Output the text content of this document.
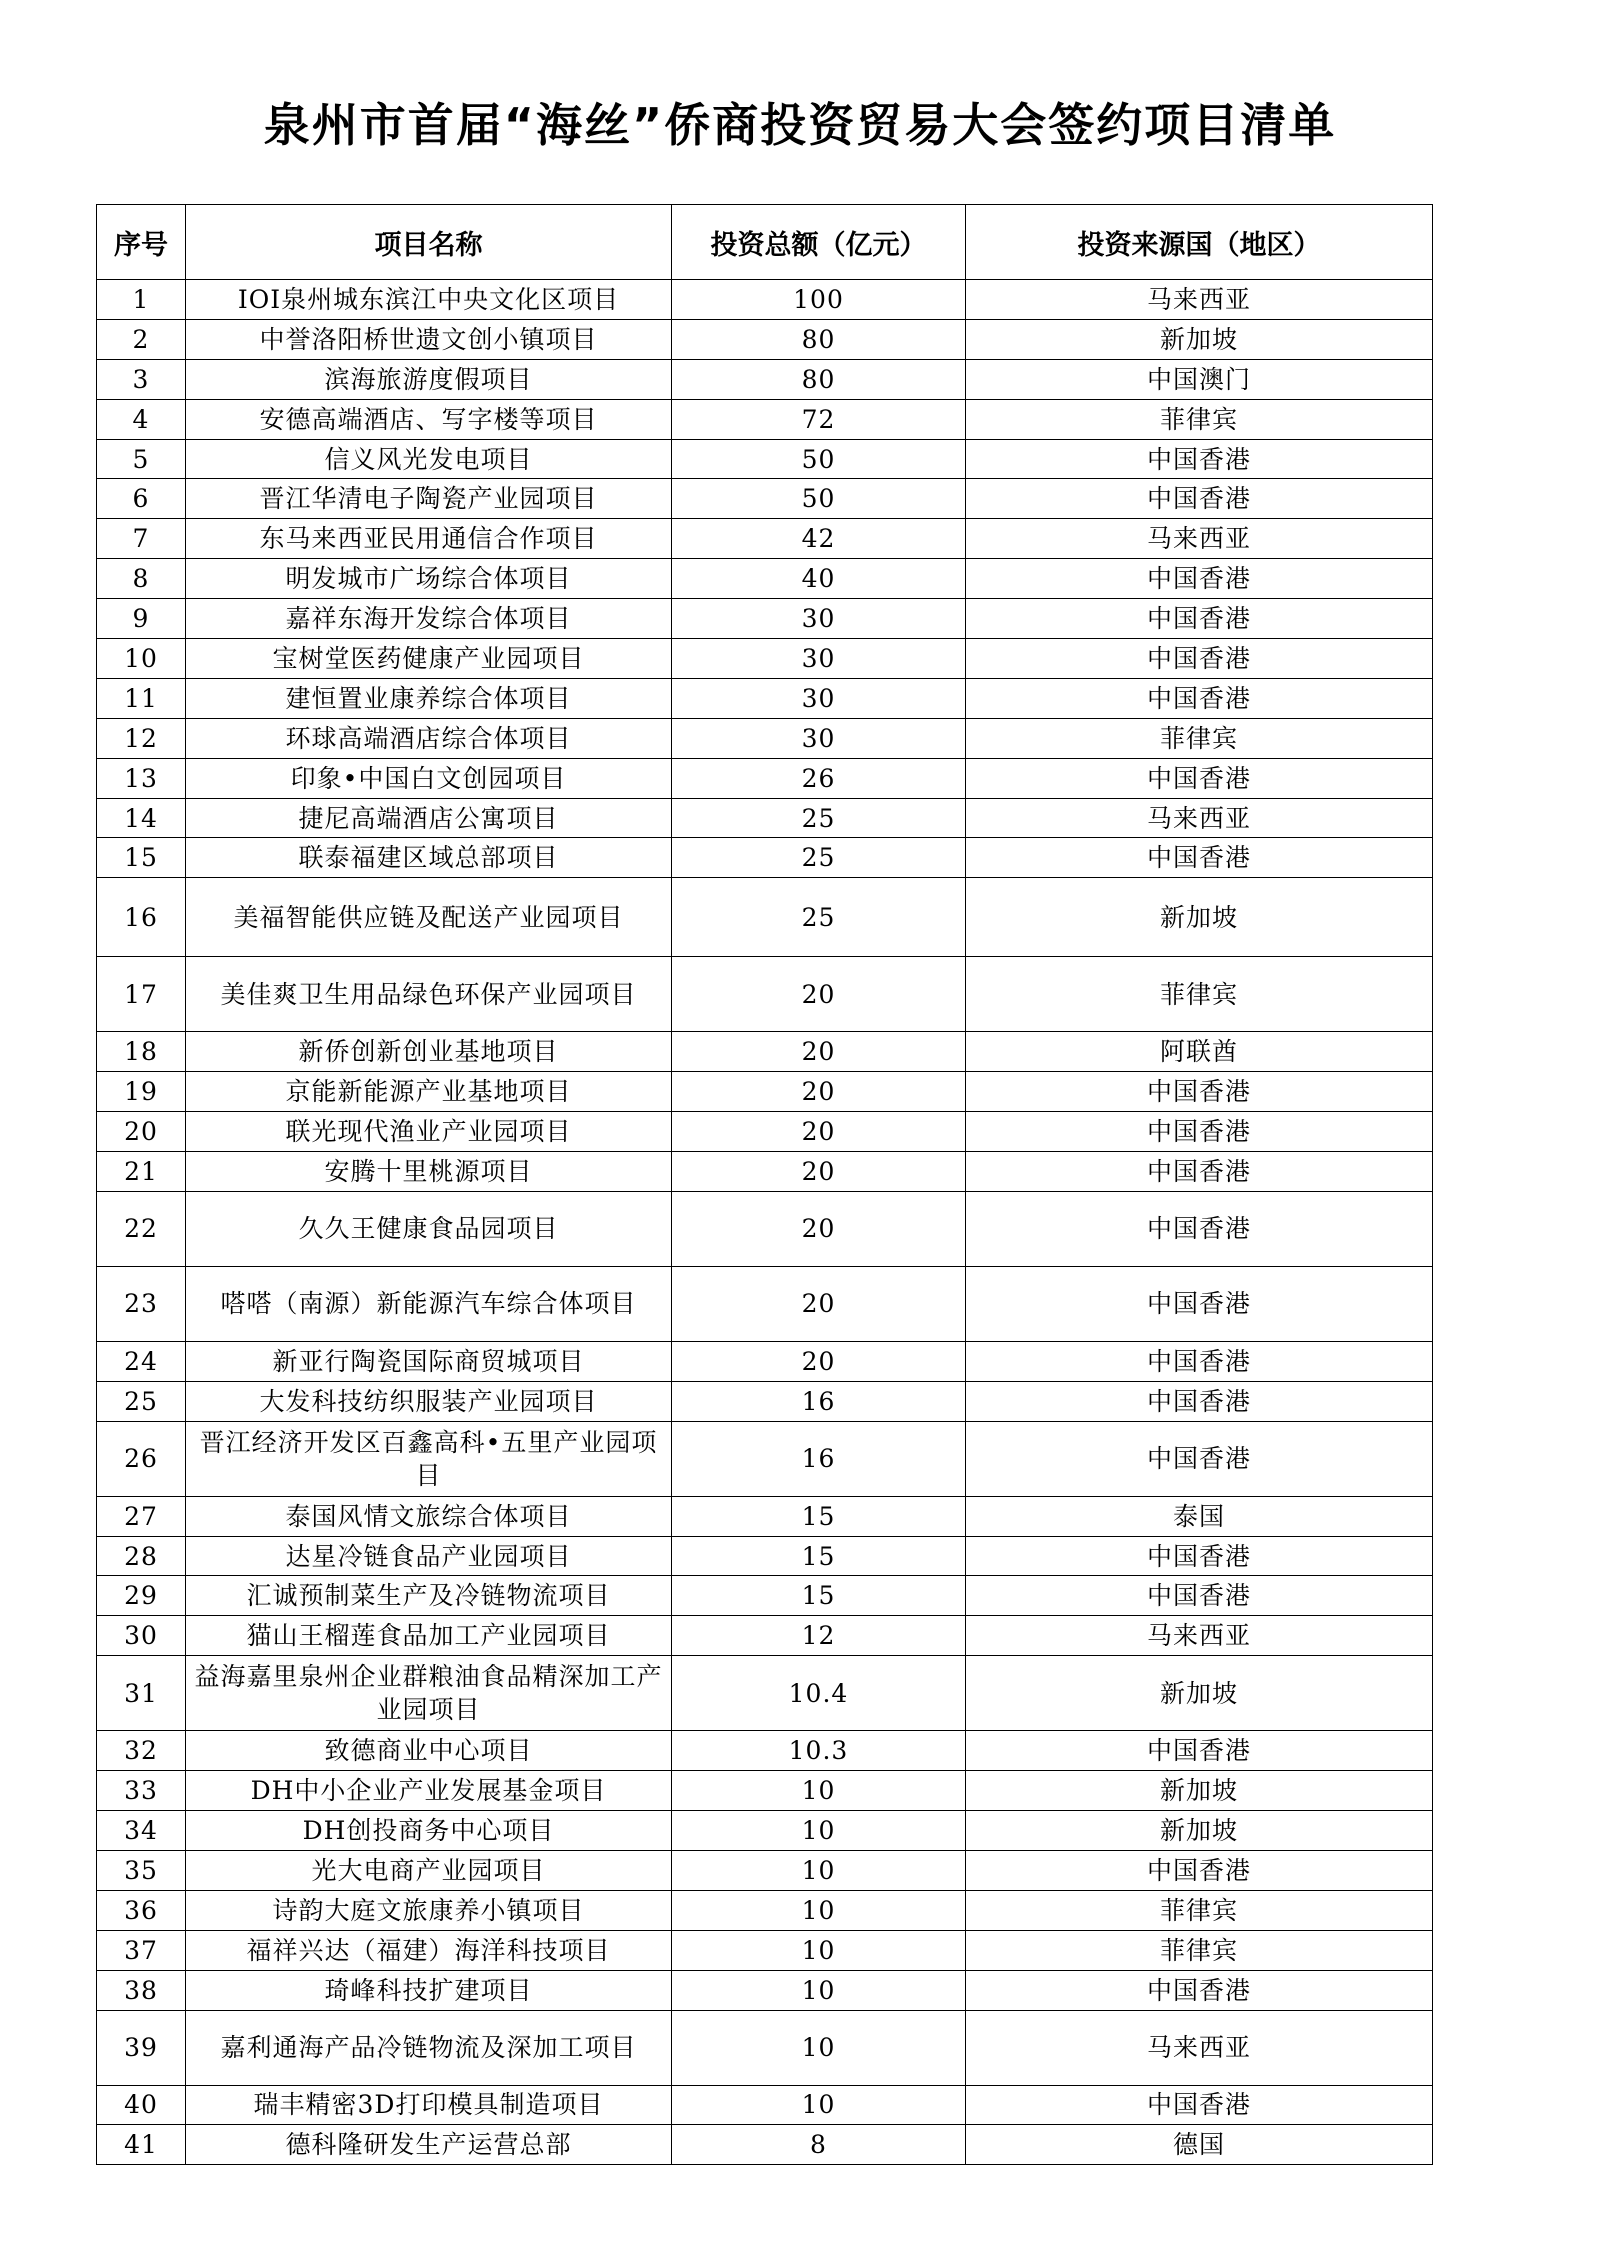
泉州市首届“海丝”侨商投资贸易大会签约项目清单
序号	项目名称	投资总额（亿元）	投资来源国（地区）
1	IOI泉州城东滨江中央文化区项目	100	马来西亚
2	中誉洛阳桥世遗文创小镇项目	80	新加坡
3	滨海旅游度假项目	80	中国澳门
4	安德高端酒店、写字楼等项目	72	菲律宾
5	信义风光发电项目	50	中国香港
6	晋江华清电子陶瓷产业园项目	50	中国香港
7	东马来西亚民用通信合作项目	42	马来西亚
8	明发城市广场综合体项目	40	中国香港
9	嘉祥东海开发综合体项目	30	中国香港
10	宝树堂医药健康产业园项目	30	中国香港
11	建恒置业康养综合体项目	30	中国香港
12	环球高端酒店综合体项目	30	菲律宾
13	印象•中国白文创园项目	26	中国香港
14	捷尼高端酒店公寓项目	25	马来西亚
15	联泰福建区域总部项目	25	中国香港
16	美福智能供应链及配送产业园项目	25	新加坡
17	美佳爽卫生用品绿色环保产业园项目	20	菲律宾
18	新侨创新创业基地项目	20	阿联酋
19	京能新能源产业基地项目	20	中国香港
20	联光现代渔业产业园项目	20	中国香港
21	安腾十里桃源项目	20	中国香港
22	久久王健康食品园项目	20	中国香港
23	嗒嗒（南源）新能源汽车综合体项目	20	中国香港
24	新亚行陶瓷国际商贸城项目	20	中国香港
25	大发科技纺织服装产业园项目	16	中国香港
26	晋江经济开发区百鑫高科•五里产业园项目	16	中国香港
27	泰国风情文旅综合体项目	15	泰国
28	达星冷链食品产业园项目	15	中国香港
29	汇诚预制菜生产及冷链物流项目	15	中国香港
30	猫山王榴莲食品加工产业园项目	12	马来西亚
31	益海嘉里泉州企业群粮油食品精深加工产业园项目	10.4	新加坡
32	致德商业中心项目	10.3	中国香港
33	DH中小企业产业发展基金项目	10	新加坡
34	DH创投商务中心项目	10	新加坡
35	光大电商产业园项目	10	中国香港
36	诗韵大庭文旅康养小镇项目	10	菲律宾
37	福祥兴达（福建）海洋科技项目	10	菲律宾
38	琦峰科技扩建项目	10	中国香港
39	嘉利通海产品冷链物流及深加工项目	10	马来西亚
40	瑞丰精密3D打印模具制造项目	10	中国香港
41	德科隆研发生产运营总部	8	德国
